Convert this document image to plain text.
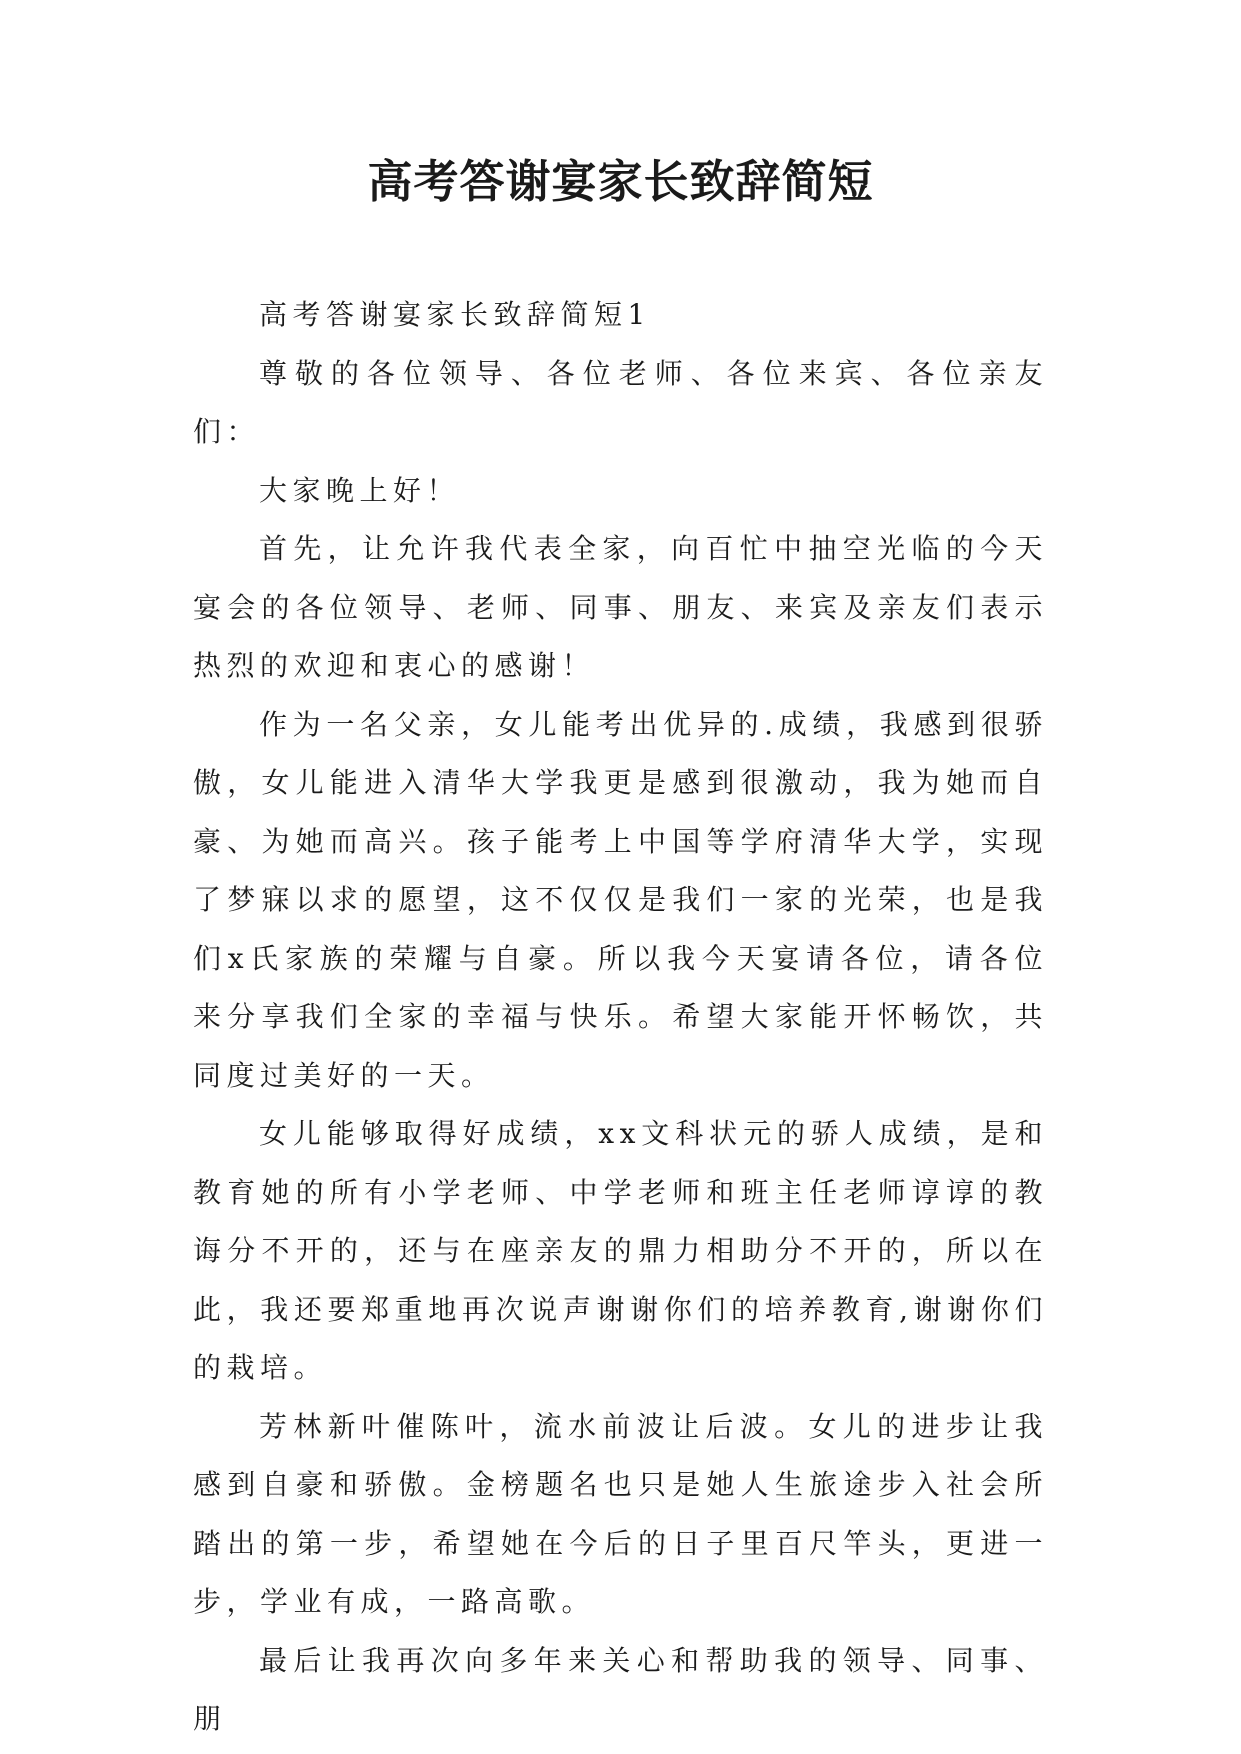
高考答谢宴家长致辞简短

高考答谢宴家长致辞简短1

尊敬的各位领导、各位老师、各位来宾、各位亲友们：

大家晚上好！

首先，让允许我代表全家，向百忙中抽空光临的今天宴会的各位领导、老师、同事、朋友、来宾及亲友们表示热烈的欢迎和衷心的感谢！

作为一名父亲，女儿能考出优异的.成绩，我感到很骄傲，女儿能进入清华大学我更是感到很激动，我为她而自豪、为她而高兴。孩子能考上中国等学府清华大学，实现了梦寐以求的愿望，这不仅仅是我们一家的光荣，也是我们x氏家族的荣耀与自豪。所以我今天宴请各位，请各位来分享我们全家的幸福与快乐。希望大家能开怀畅饮，共同度过美好的一天。

女儿能够取得好成绩，xx文科状元的骄人成绩，是和教育她的所有小学老师、中学老师和班主任老师谆谆的教诲分不开的，还与在座亲友的鼎力相助分不开的，所以在此，我还要郑重地再次说声谢谢你们的培养教育,谢谢你们的栽培。

芳林新叶催陈叶，流水前波让后波。女儿的进步让我感到自豪和骄傲。金榜题名也只是她人生旅途步入社会所踏出的第一步，希望她在今后的日子里百尺竿头，更进一步，学业有成，一路高歌。

最后让我再次向多年来关心和帮助我的领导、同事、朋
